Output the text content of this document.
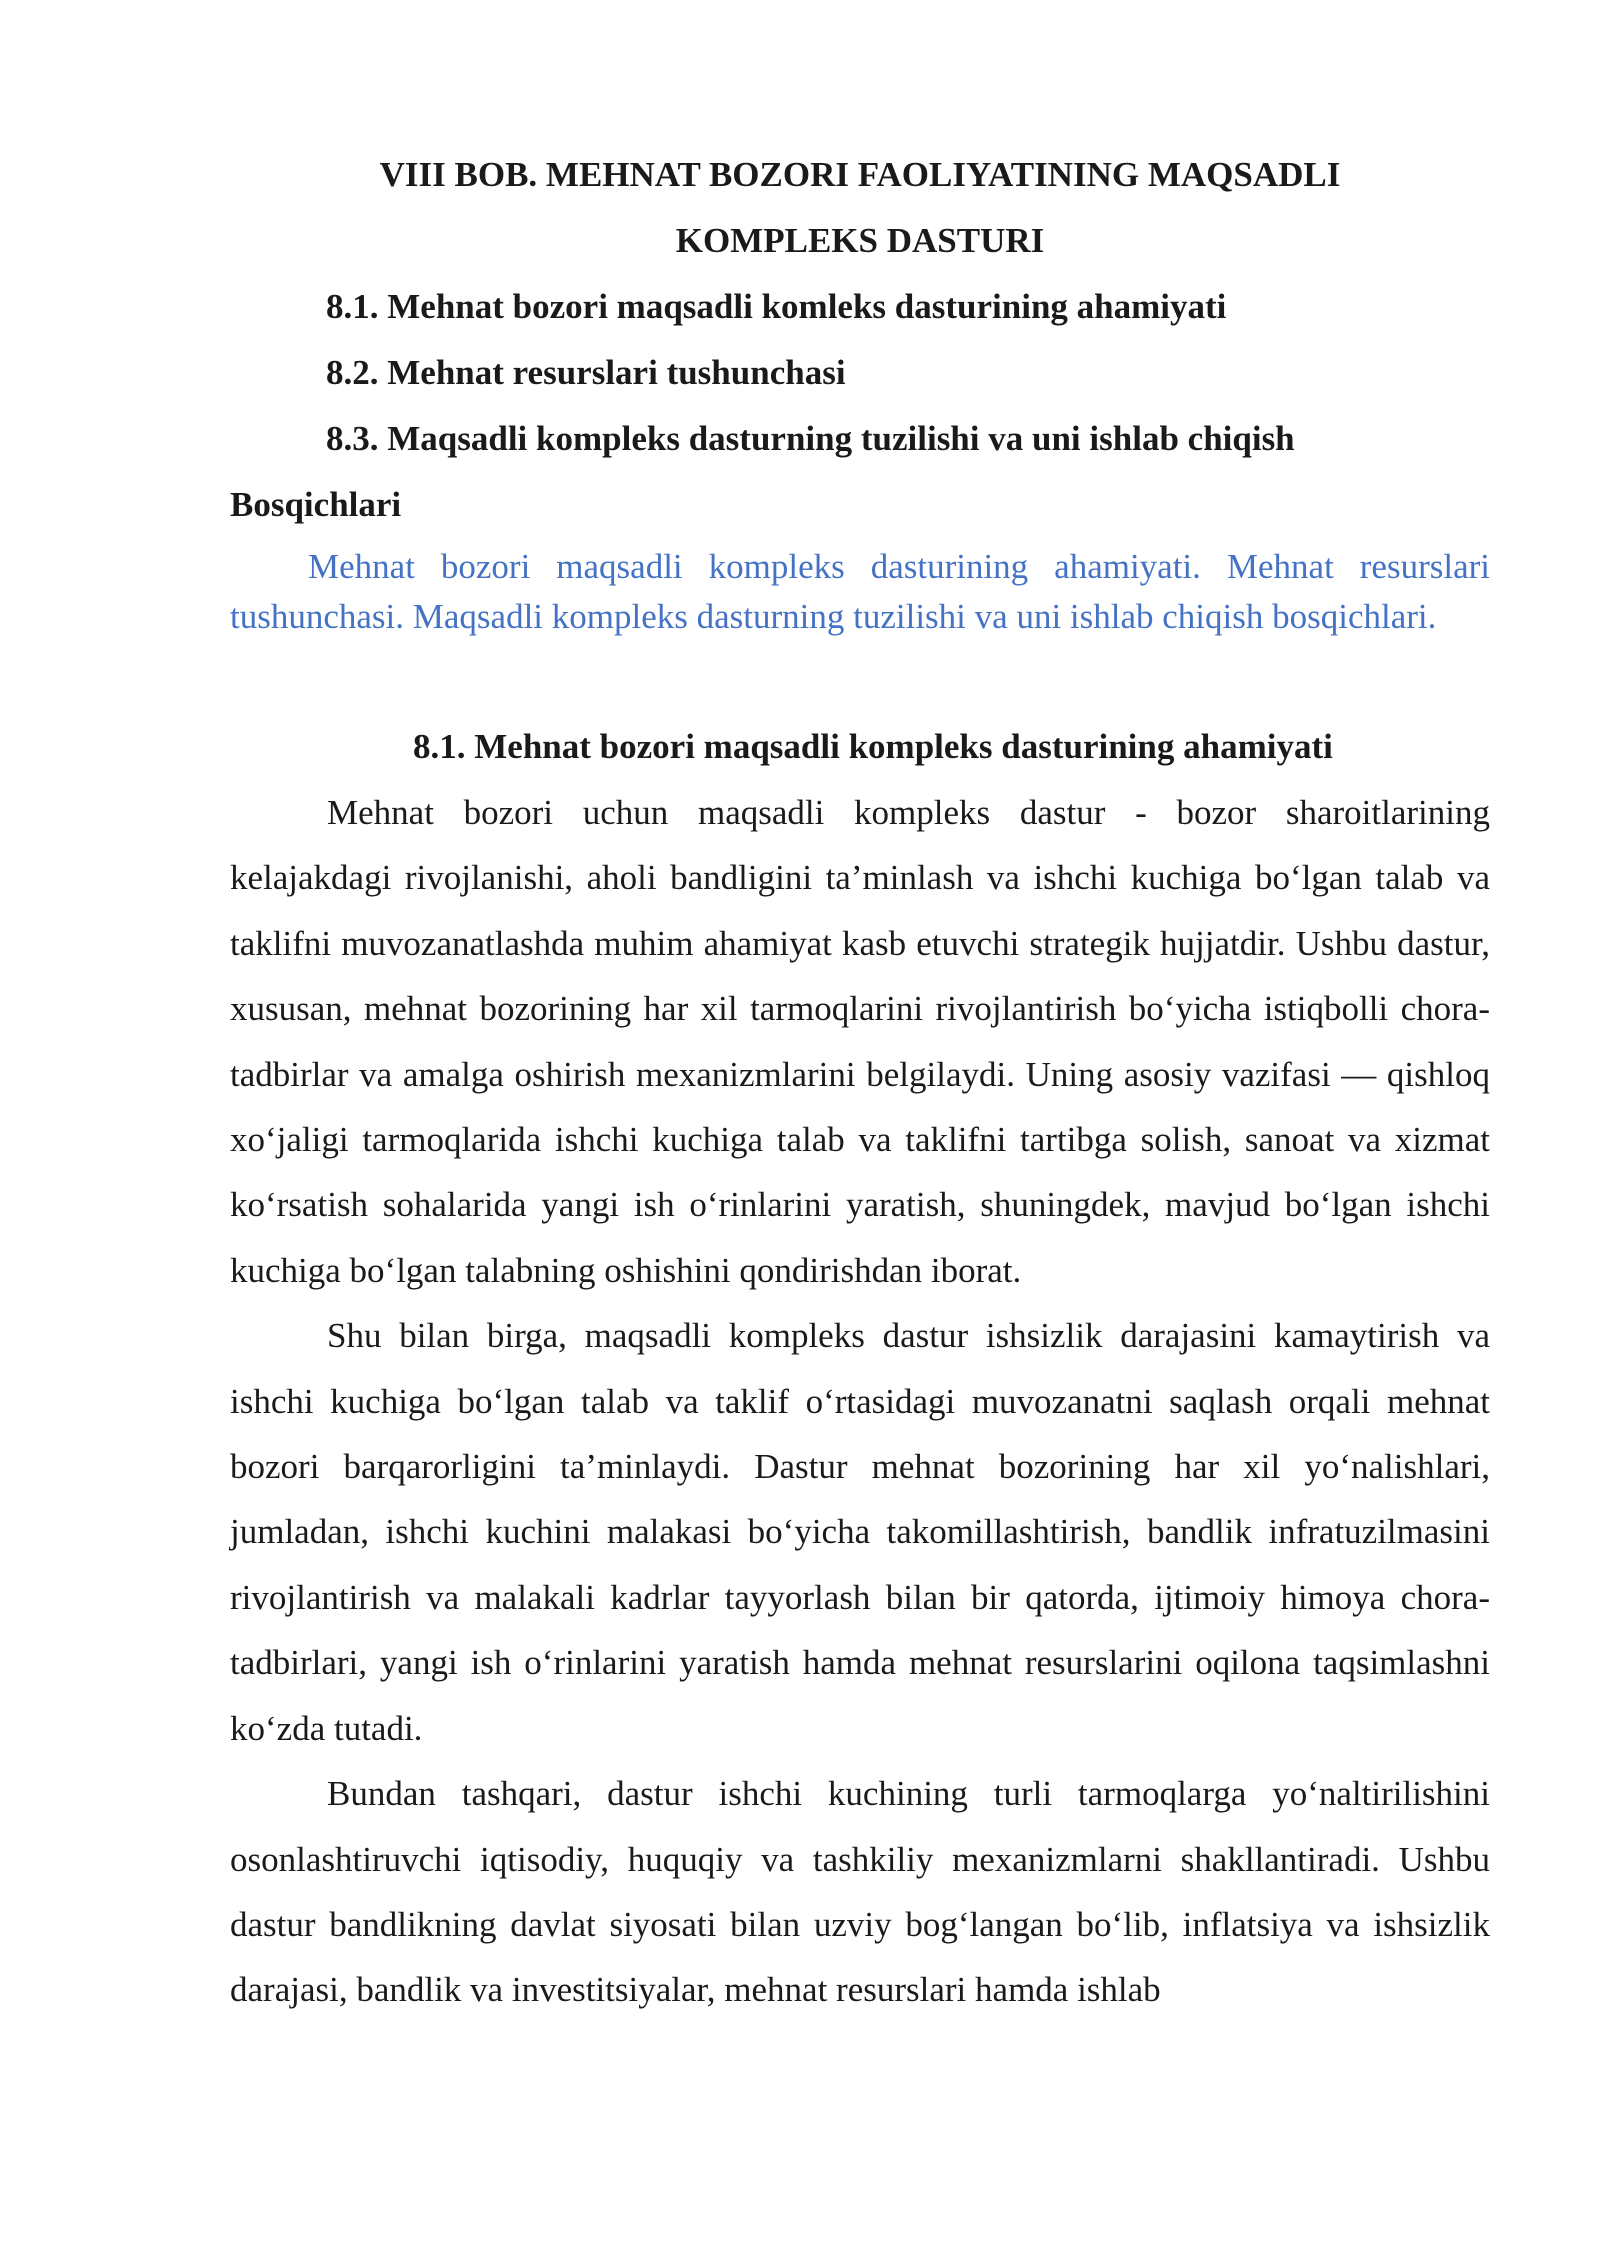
VIII BOB. MEHNAT BOZORI FAOLIYATINING MAQSADLI
KOMPLEKS DASTURI
8.1. Mehnat bozori maqsadli komleks dasturining ahamiyati
8.2. Mehnat resurslari tushunchasi
8.3. Maqsadli kompleks dasturning tuzilishi va uni ishlab chiqish
Bosqichlari

Mehnat bozori maqsadli kompleks dasturining ahamiyati. Mehnat resurslari tushunchasi. Maqsadli kompleks dasturning tuzilishi va uni ishlab chiqish bosqichlari.

8.1. Mehnat bozori maqsadli kompleks dasturining ahamiyati

Mehnat bozori uchun maqsadli kompleks dastur - bozor sharoitlarining kelajakdagi rivojlanishi, aholi bandligini ta’minlash va ishchi kuchiga bo‘lgan talab va taklifni muvozanatlashda muhim ahamiyat kasb etuvchi strategik hujjatdir. Ushbu dastur, xususan, mehnat bozorining har xil tarmoqlarini rivojlantirish bo‘yicha istiqbolli chora-tadbirlar va amalga oshirish mexanizmlarini belgilaydi. Uning asosiy vazifasi — qishloq xo‘jaligi tarmoqlarida ishchi kuchiga talab va taklifni tartibga solish, sanoat va xizmat ko‘rsatish sohalarida yangi ish o‘rinlarini yaratish, shuningdek, mavjud bo‘lgan ishchi kuchiga bo‘lgan talabning oshishini qondirishdan iborat.

Shu bilan birga, maqsadli kompleks dastur ishsizlik darajasini kamaytirish va ishchi kuchiga bo‘lgan talab va taklif o‘rtasidagi muvozanatni saqlash orqali mehnat bozori barqarorligini ta’minlaydi. Dastur mehnat bozorining har xil yo‘nalishlari, jumladan, ishchi kuchini malakasi bo‘yicha takomillashtirish, bandlik infratuzilmasini rivojlantirish va malakali kadrlar tayyorlash bilan bir qatorda, ijtimoiy himoya chora-tadbirlari, yangi ish o‘rinlarini yaratish hamda mehnat resurslarini oqilona taqsimlashni ko‘zda tutadi.

Bundan tashqari, dastur ishchi kuchining turli tarmoqlarga yo‘naltirilishini osonlashtiruvchi iqtisodiy, huquqiy va tashkiliy mexanizmlarni shakllantiradi. Ushbu dastur bandlikning davlat siyosati bilan uzviy bog‘langan bo‘lib, inflatsiya va ishsizlik darajasi, bandlik va investitsiyalar, mehnat resurslari hamda ishlab
